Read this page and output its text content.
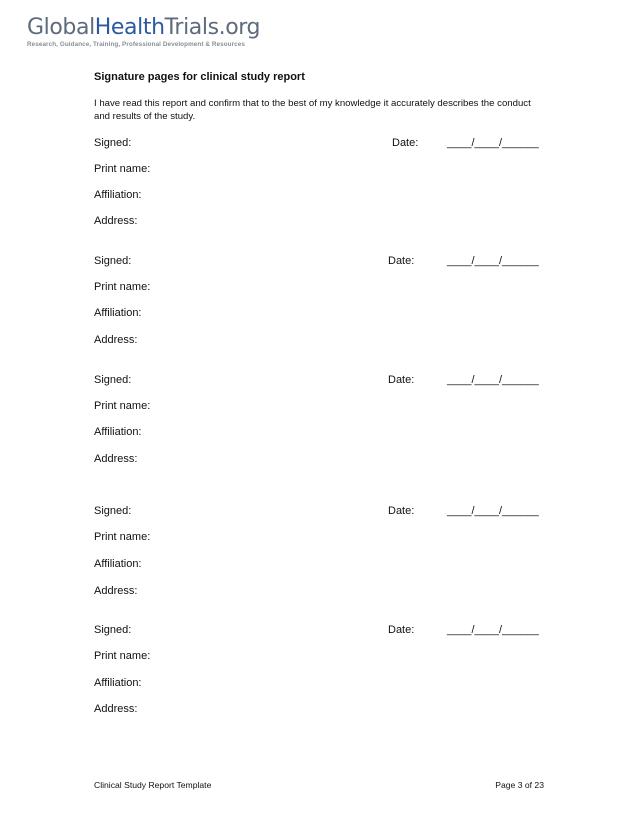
GlobalHealthTrials.org
Research, Guidance, Training, Professional Development & Resources
Signature pages for clinical study report
I have read this report and confirm that to the best of my knowledge it accurately describes the conduct and results of the study.
Signed:	Date:	____/____/______
Print name:
Affiliation:
Address:
Signed:	Date:	____/____/______
Print name:
Affiliation:
Address:
Signed:	Date:	____/____/______
Print name:
Affiliation:
Address:
Signed:	Date:	____/____/______
Print name:
Affiliation:
Address:
Signed:	Date:	____/____/______
Print name:
Affiliation:
Address:
Clinical Study Report Template	Page 3 of 23
